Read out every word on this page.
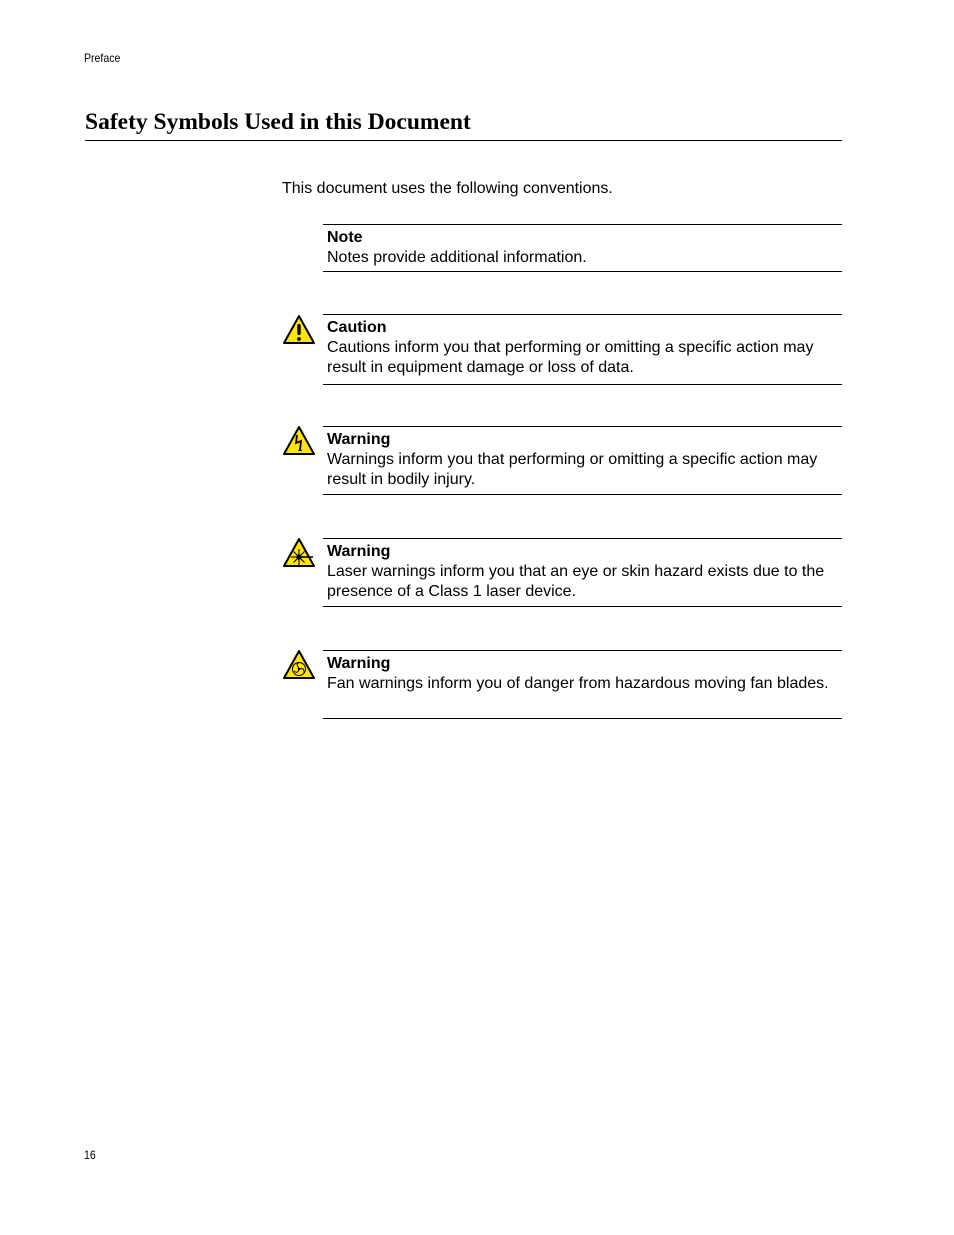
Preface
Safety Symbols Used in this Document
This document uses the following conventions.
Note
Notes provide additional information.
Caution
Cautions inform you that performing or omitting a specific action may result in equipment damage or loss of data.
Warning
Warnings inform you that performing or omitting a specific action may result in bodily injury.
Warning
Laser warnings inform you that an eye or skin hazard exists due to the presence of a Class 1 laser device.
Warning
Fan warnings inform you of danger from hazardous moving fan blades.
16
